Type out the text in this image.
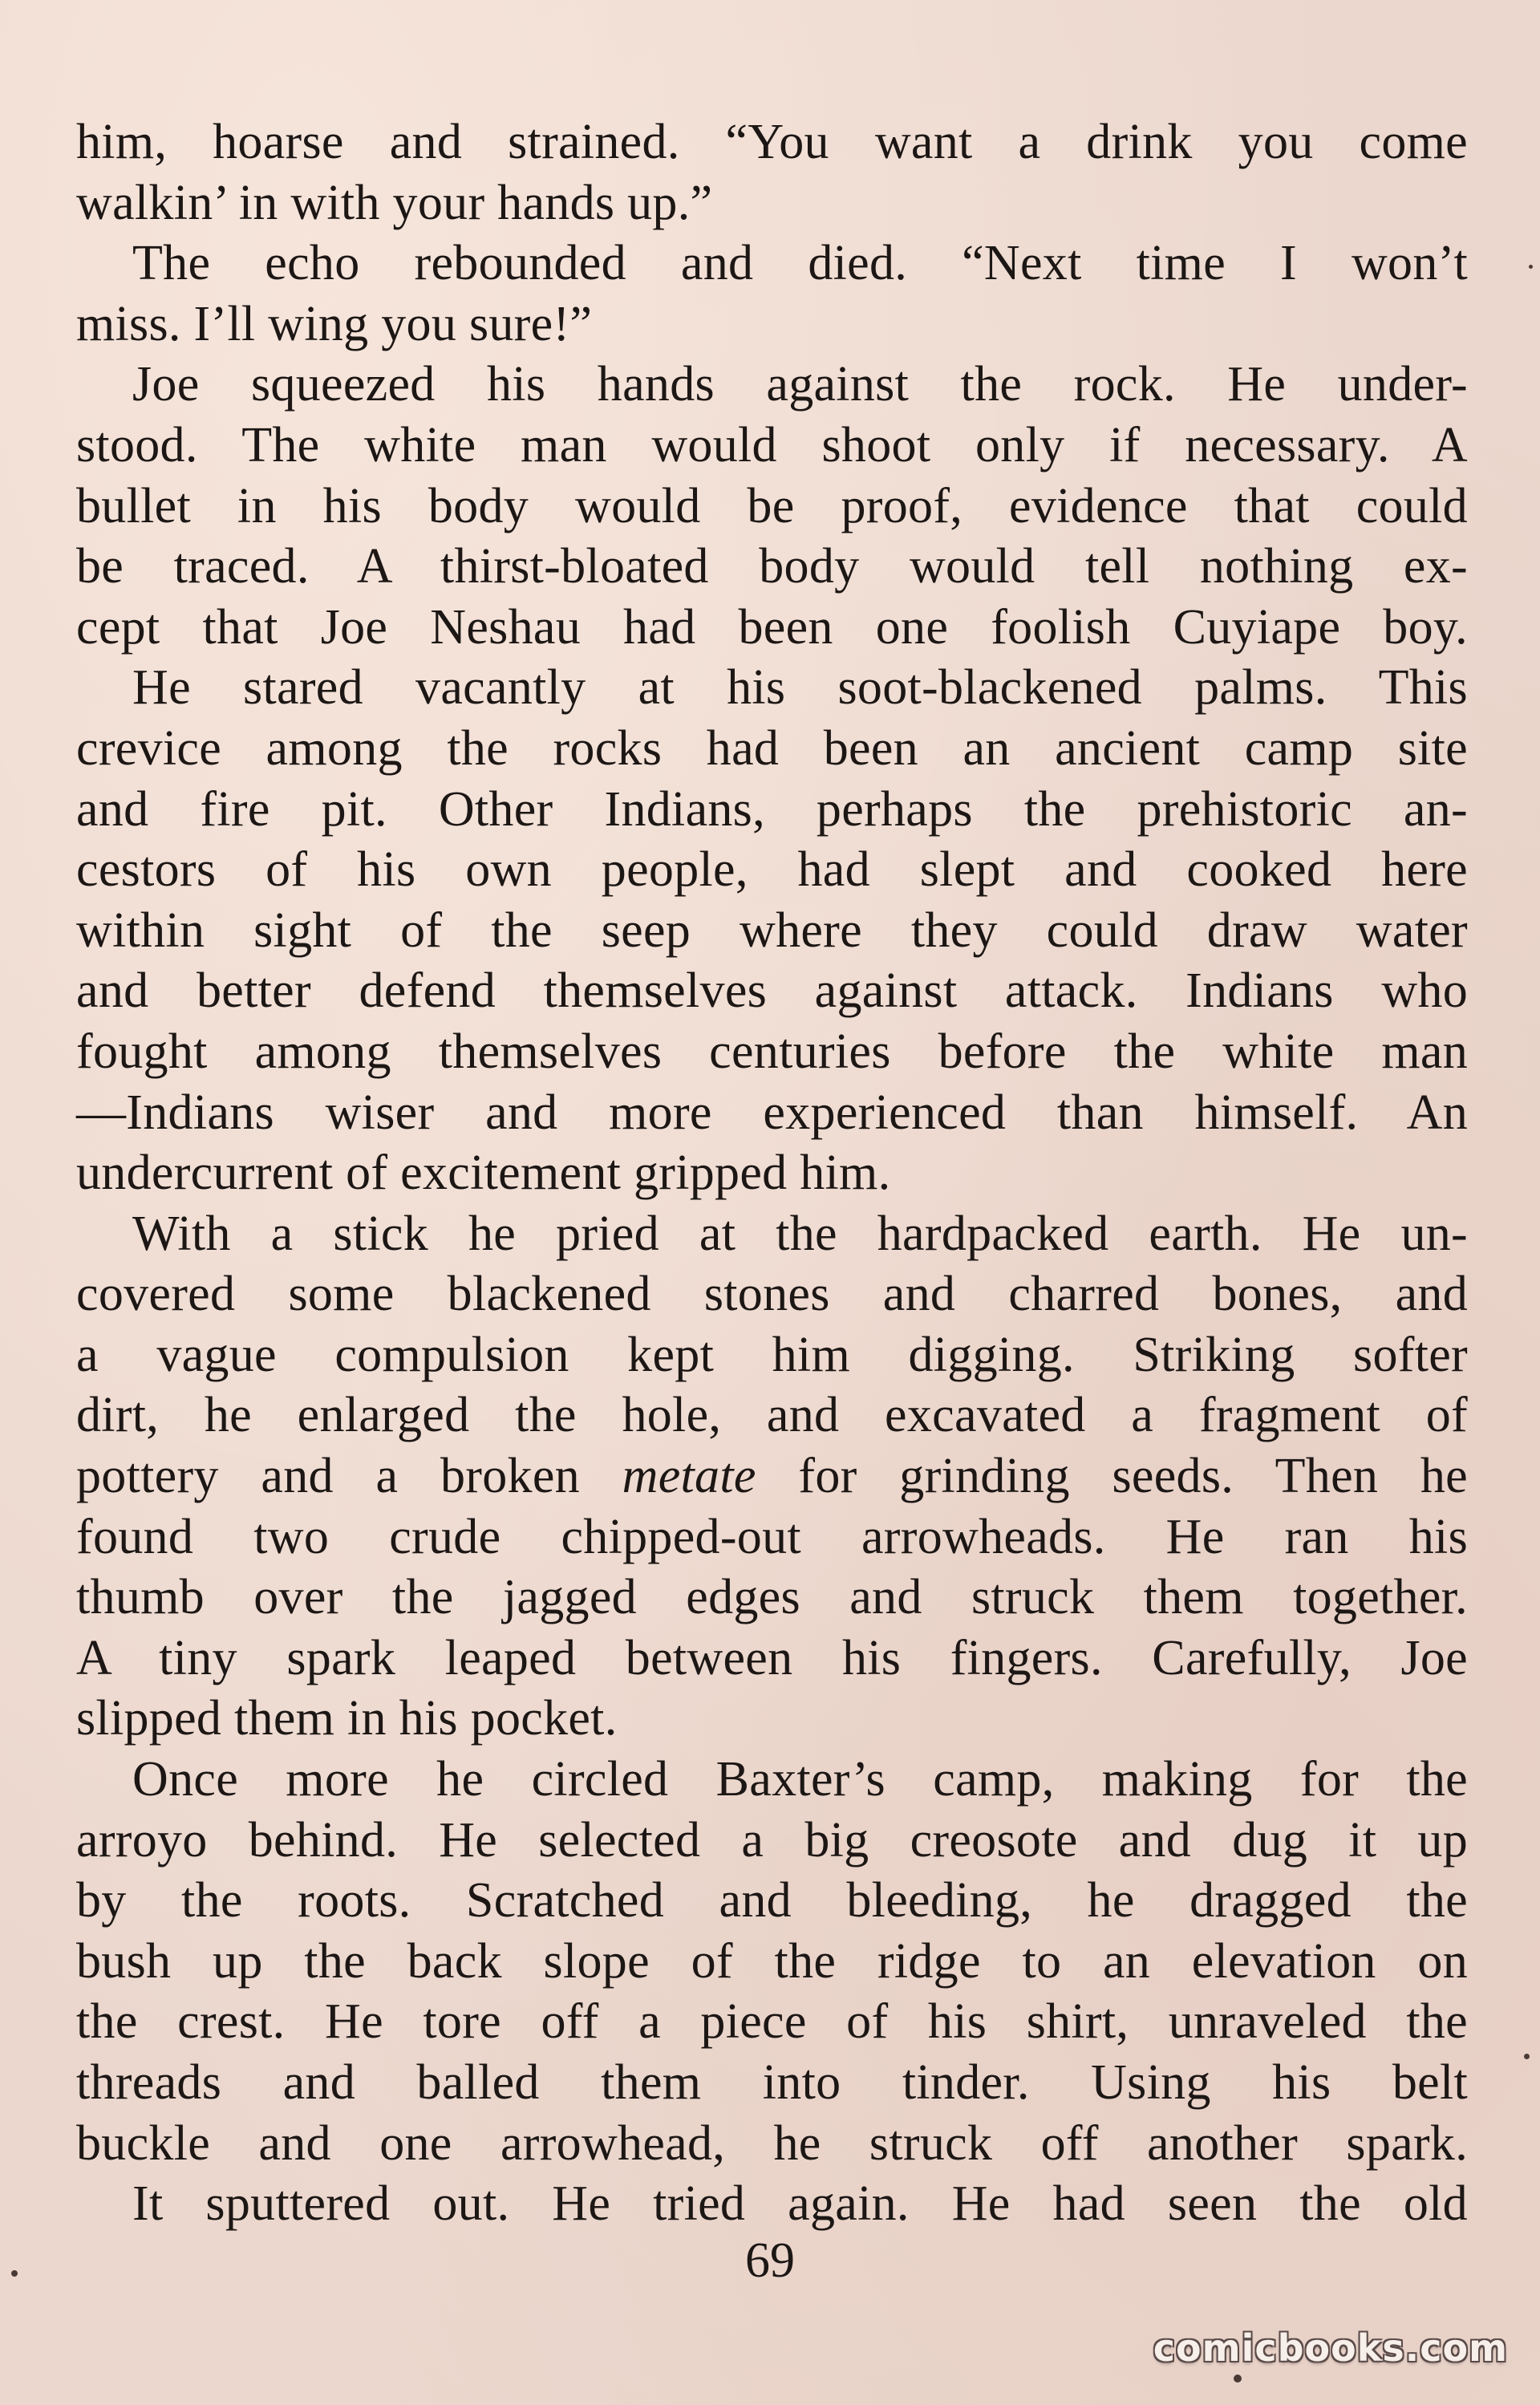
him, hoarse and strained. “You want a drink you come
walkin’ in with your hands up.”
The echo rebounded and died. “Next time I won’t
miss. I’ll wing you sure!”
Joe squeezed his hands against the rock. He under-
stood. The white man would shoot only if necessary. A
bullet in his body would be proof, evidence that could
be traced. A thirst-bloated body would tell nothing ex-
cept that Joe Neshau had been one foolish Cuyiape boy.
He stared vacantly at his soot-blackened palms. This
crevice among the rocks had been an ancient camp site
and fire pit. Other Indians, perhaps the prehistoric an-
cestors of his own people, had slept and cooked here
within sight of the seep where they could draw water
and better defend themselves against attack. Indians who
fought among themselves centuries before the white man
—Indians wiser and more experienced than himself. An
undercurrent of excitement gripped him.
With a stick he pried at the hardpacked earth. He un-
covered some blackened stones and charred bones, and
a vague compulsion kept him digging. Striking softer
dirt, he enlarged the hole, and excavated a fragment of
pottery and a broken metate for grinding seeds. Then he
found two crude chipped-out arrowheads. He ran his
thumb over the jagged edges and struck them together.
A tiny spark leaped between his fingers. Carefully, Joe
slipped them in his pocket.
Once more he circled Baxter’s camp, making for the
arroyo behind. He selected a big creosote and dug it up
by the roots. Scratched and bleeding, he dragged the
bush up the back slope of the ridge to an elevation on
the crest. He tore off a piece of his shirt, unraveled the
threads and balled them into tinder. Using his belt
buckle and one arrowhead, he struck off another spark.
It sputtered out. He tried again. He had seen the old
69
comicbooks.com
